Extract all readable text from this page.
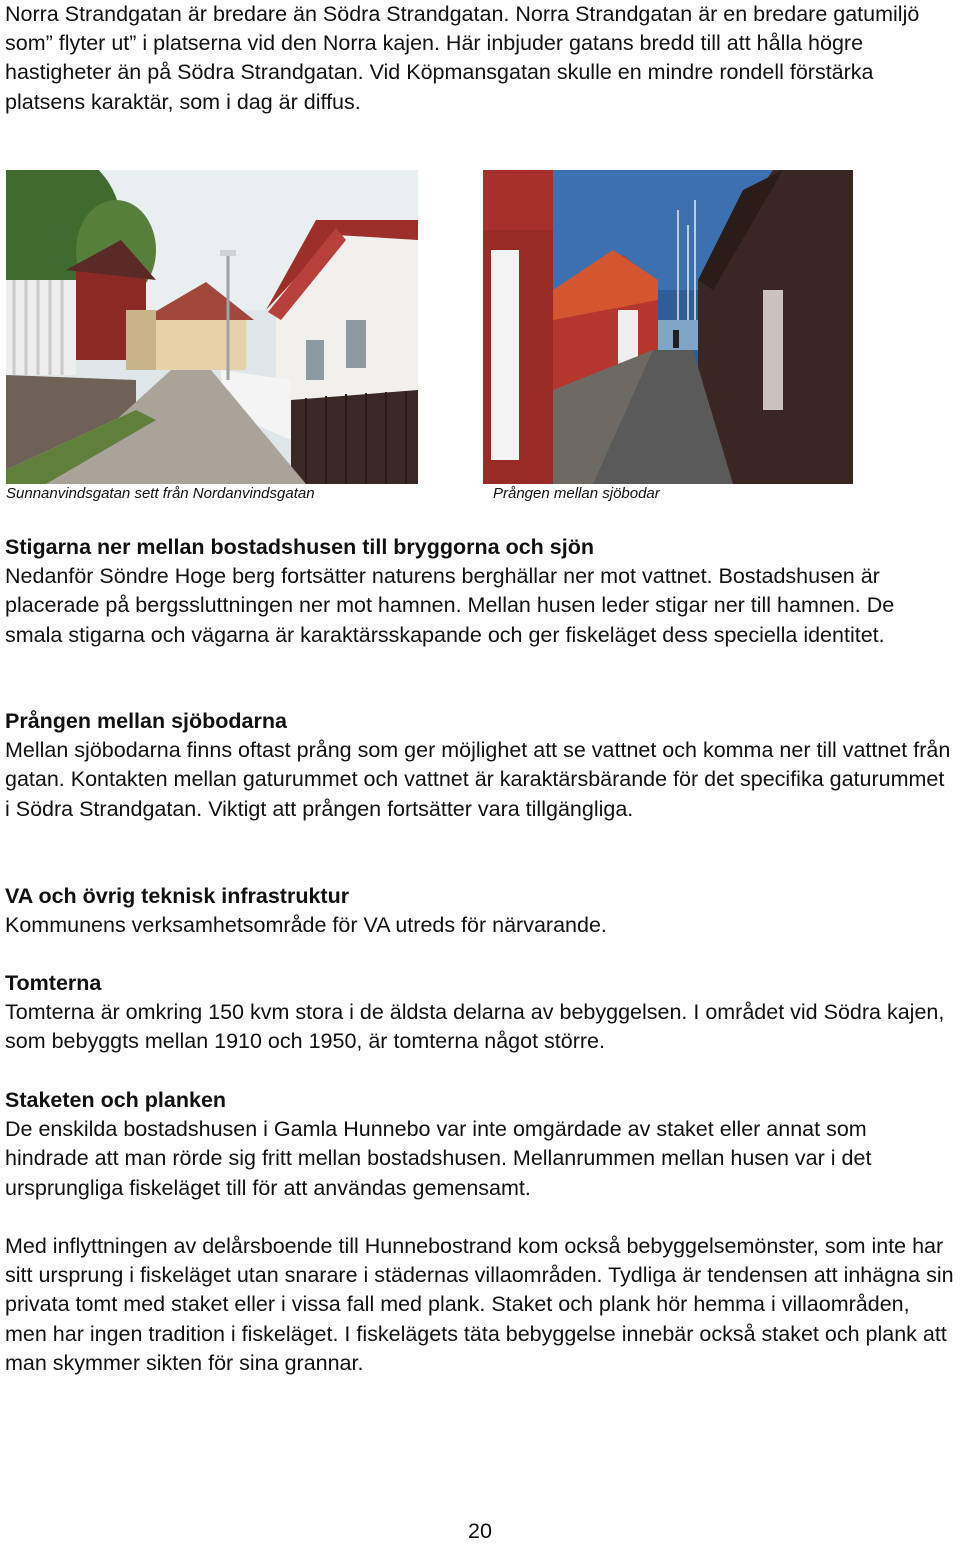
Norra Strandgatan är bredare än Södra Strandgatan. Norra Strandgatan är en bredare gatumiljö som” flyter ut” i platserna vid den Norra kajen. Här inbjuder gatans bredd till att hålla högre hastigheter än på Södra Strandgatan. Vid Köpmansgatan skulle en mindre rondell förstärka platsens karaktär, som i dag är diffus.

Sunnanvindsgatan sett från Nordanvindsgatan	Prången mellan sjöbodar

Stigarna ner mellan bostadshusen till bryggorna och sjön

Nedanför Söndre Hoge berg fortsätter naturens berghällar ner mot vattnet. Bostadshusen är placerade på bergssluttningen ner mot hamnen. Mellan husen leder stigar ner till hamnen. De smala stigarna och vägarna är karaktärsskapande och ger fiskeläget dess speciella identitet.

Prången mellan sjöbodarna

Mellan sjöbodarna finns oftast prång som ger möjlighet att se vattnet och komma ner till vattnet från gatan. Kontakten mellan gaturummet och vattnet är karaktärsbärande för det specifika gaturummet i Södra Strandgatan. Viktigt att prången fortsätter vara tillgängliga.

VA och övrig teknisk infrastruktur

Kommunens verksamhetsområde för VA utreds för närvarande.

Tomterna

Tomterna är omkring 150 kvm stora i de äldsta delarna av bebyggelsen. I området vid Södra kajen, som bebyggts mellan 1910 och 1950, är tomterna något större.

Staketen och planken

De enskilda bostadshusen i Gamla Hunnebo var inte omgärdade av staket eller annat som hindrade att man rörde sig fritt mellan bostadshusen. Mellanrummen mellan husen var i det ursprungliga fiskeläget till för att användas gemensamt.

Med inflyttningen av delårsboende till Hunnebostrand kom också bebyggelsemönster, som inte har sitt ursprung i fiskeläget utan snarare i städernas villaområden. Tydliga är tendensen att inhägna sin privata tomt med staket eller i vissa fall med plank. Staket och plank hör hemma i villaområden, men har ingen tradition i fiskeläget. I fiskelägets täta bebyggelse innebär också staket och plank att man skymmer sikten för sina grannar.

20
